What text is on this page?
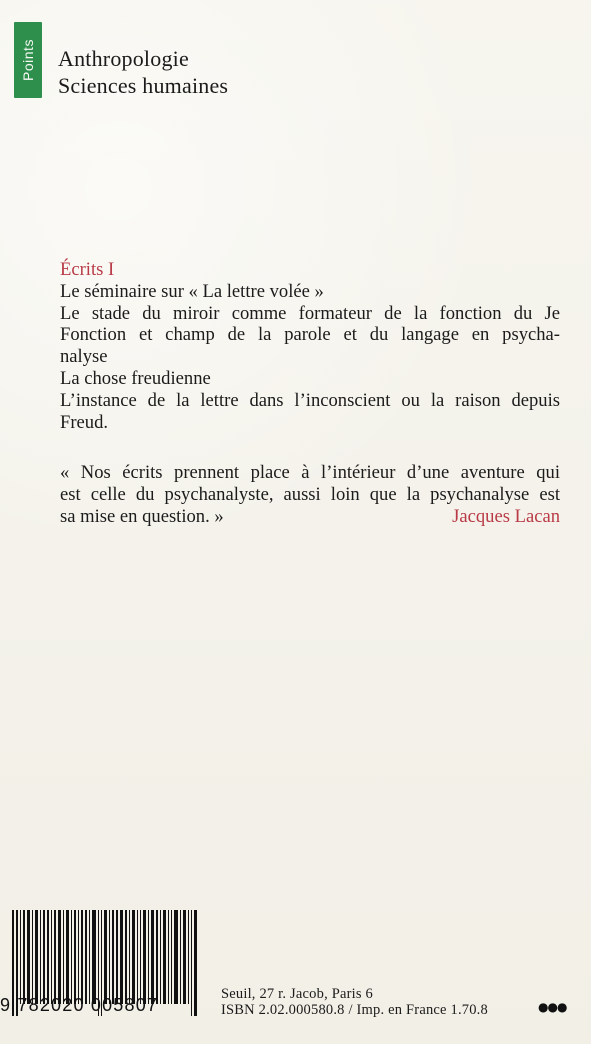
Points Anthropologie
Sciences humaines
Écrits I
Le séminaire sur « La lettre volée »
Le stade du miroir comme formateur de la fonction du Je
Fonction et champ de la parole et du langage en psycha-
nalyse
La chose freudienne
L’instance de la lettre dans l’inconscient ou la raison depuis
Freud.
« Nos écrits prennent place à l’intérieur d’une aventure qui
est celle du psychanalyste, aussi loin que la psychanalyse est
sa mise en question. »	Jacques Lacan
9 782020 005807
Seuil, 27 r. Jacob, Paris 6
ISBN 2.02.000580.8 / Imp. en France 1.70.8	●●●
